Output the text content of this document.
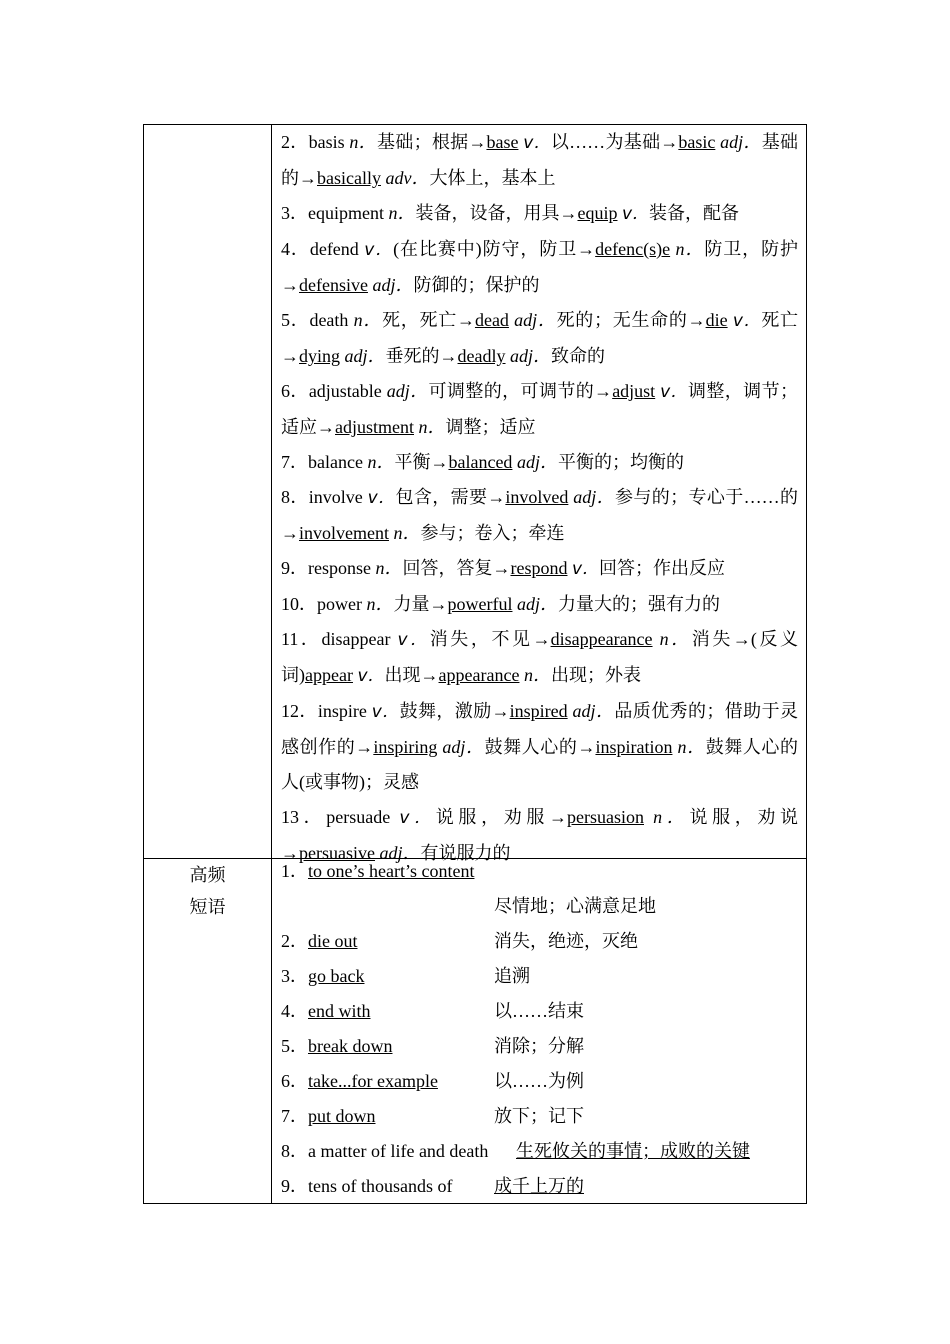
2．basis n．基础；根据→base v．以……为基础→basic adj．基础的→basically adv．大体上，基本上

3．equipment n．装备，设备，用具→equip v．装备，配备

4．defend v．(在比赛中)防守，防卫→defenc(s)e n．防卫，防护→defensive adj．防御的；保护的

5．death n．死，死亡→dead adj．死的；无生命的→die v．死亡→dying adj．垂死的→deadly adj．致命的

6．adjustable adj．可调整的，可调节的→adjust v．调整，调节；适应→adjustment n．调整；适应

7．balance n．平衡→balanced adj．平衡的；均衡的

8．involve v．包含，需要→involved adj．参与的；专心于……的→involvement n．参与；卷入；牵连

9．response n．回答，答复→respond v．回答；作出反应

10．power n．力量→powerful adj．力量大的；强有力的

11．disappear v．消失，不见→disappearance n．消失→(反义词)appear v．出现→appearance n．出现；外表

12．inspire v．鼓舞，激励→inspired adj．品质优秀的；借助于灵感创作的→inspiring adj．鼓舞人心的→inspiration n．鼓舞人心的人(或事物)；灵感

13．persuade v．说服，劝服→persuasion n．说服，劝说→persuasive adj．有说服力的

高频
短语
1．to one’s heart’s content
尽情地；心满意足地
2．die out	消失，绝迹，灭绝
3．go back	追溯
4．end with	以……结束
5．break down	消除；分解
6．take...for example	以……为例
7．put down	放下；记下
8．a matter of life and death 生死攸关的事情；成败的关键
9．tens of thousands of 成千上万的
